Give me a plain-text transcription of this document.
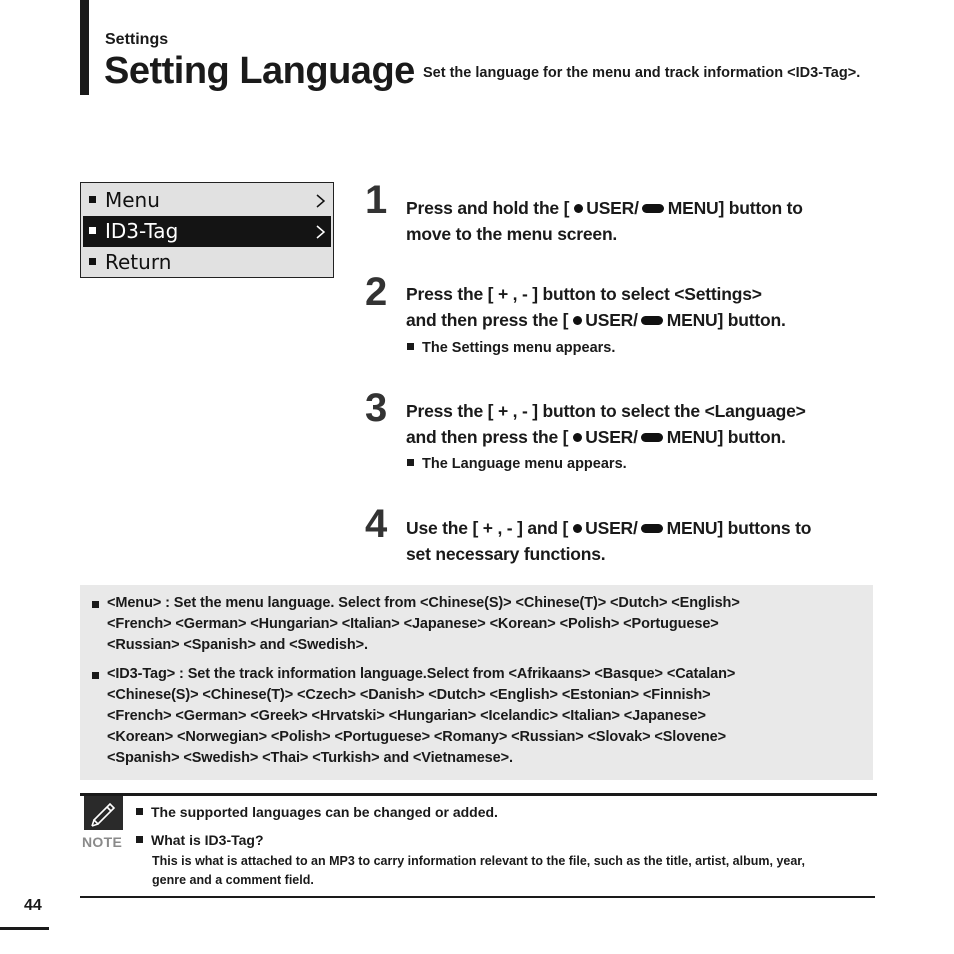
Settings
Setting Language Set the language for the menu and track information <ID3-Tag>.
Menu
ID3-Tag
Return
1 Press and hold the [ USER/ MENU] button to
move to the menu screen.
2 Press the [ + , - ] button to select <Settings>
and then press the [ USER/ MENU] button.
The Settings menu appears.
3 Press the [ + , - ] button to select the <Language>
and then press the [ USER/ MENU] button.
The Language menu appears.
4 Use the [ + , - ] and [ USER/ MENU] buttons to
set necessary functions.
<Menu> : Set the menu language. Select from <Chinese(S)> <Chinese(T)> <Dutch> <English>
<French> <German> <Hungarian> <Italian> <Japanese> <Korean> <Polish> <Portuguese>
<Russian> <Spanish> and <Swedish>.
<ID3-Tag> : Set the track information language.Select from <Afrikaans> <Basque> <Catalan>
<Chinese(S)> <Chinese(T)> <Czech> <Danish> <Dutch> <English> <Estonian> <Finnish>
<French> <German> <Greek> <Hrvatski> <Hungarian> <Icelandic> <Italian> <Japanese>
<Korean> <Norwegian> <Polish> <Portuguese> <Romany> <Russian> <Slovak> <Slovene>
<Spanish> <Swedish> <Thai> <Turkish> and <Vietnamese>.
NOTE
The supported languages can be changed or added.
What is ID3-Tag?
This is what is attached to an MP3 to carry information relevant to the file, such as the title, artist, album, year,
genre and a comment field.
44
